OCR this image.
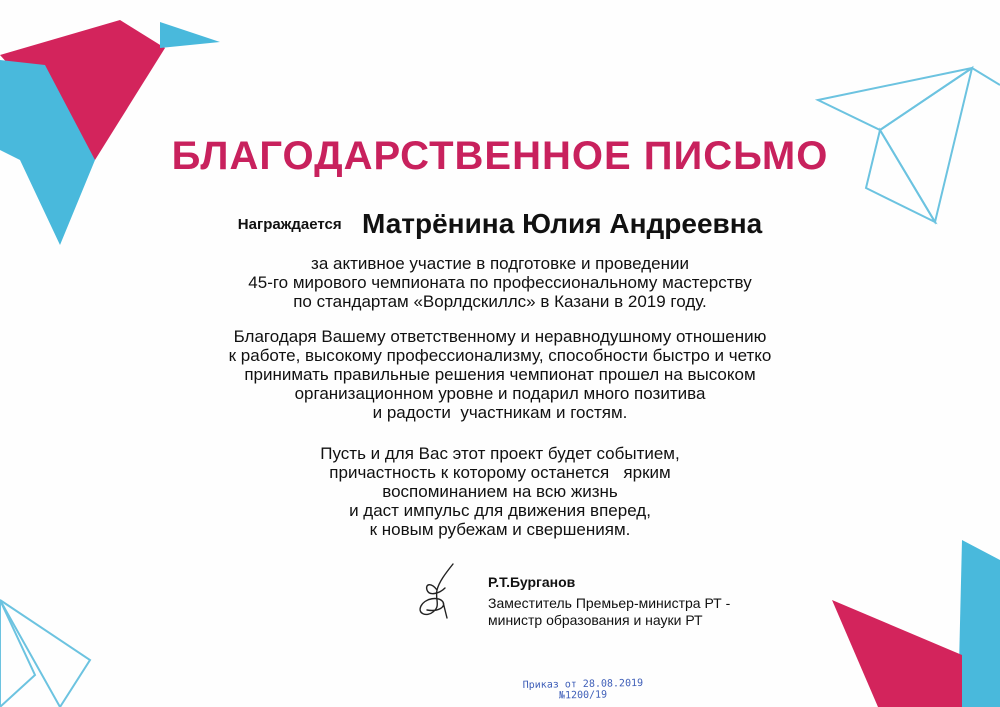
БЛАГОДАРСТВЕННОЕ ПИСЬМО
Награждается Матрёнина Юлия Андреевна
за активное участие в подготовке и проведении
45-го мирового чемпионата по профессиональному мастерству
по стандартам «Ворлдскиллс» в Казани в 2019 году.
Благодаря Вашему ответственному и неравнодушному отношению
к работе, высокому профессионализму, способности быстро и четко
принимать правильные решения чемпионат прошел на высоком
организационном уровне и подарил много позитива
и радости  участникам и гостям.
Пусть и для Вас этот проект будет событием,
причастность к которому останется   ярким
воспоминанием на всю жизнь
и даст импульс для движения вперед,
к новым рубежам и свершениям.
Р.Т.Бурганов
Заместитель Премьер-министра РТ -
министр образования и науки РТ
Приказ от 28.08.2019
№1200/19
